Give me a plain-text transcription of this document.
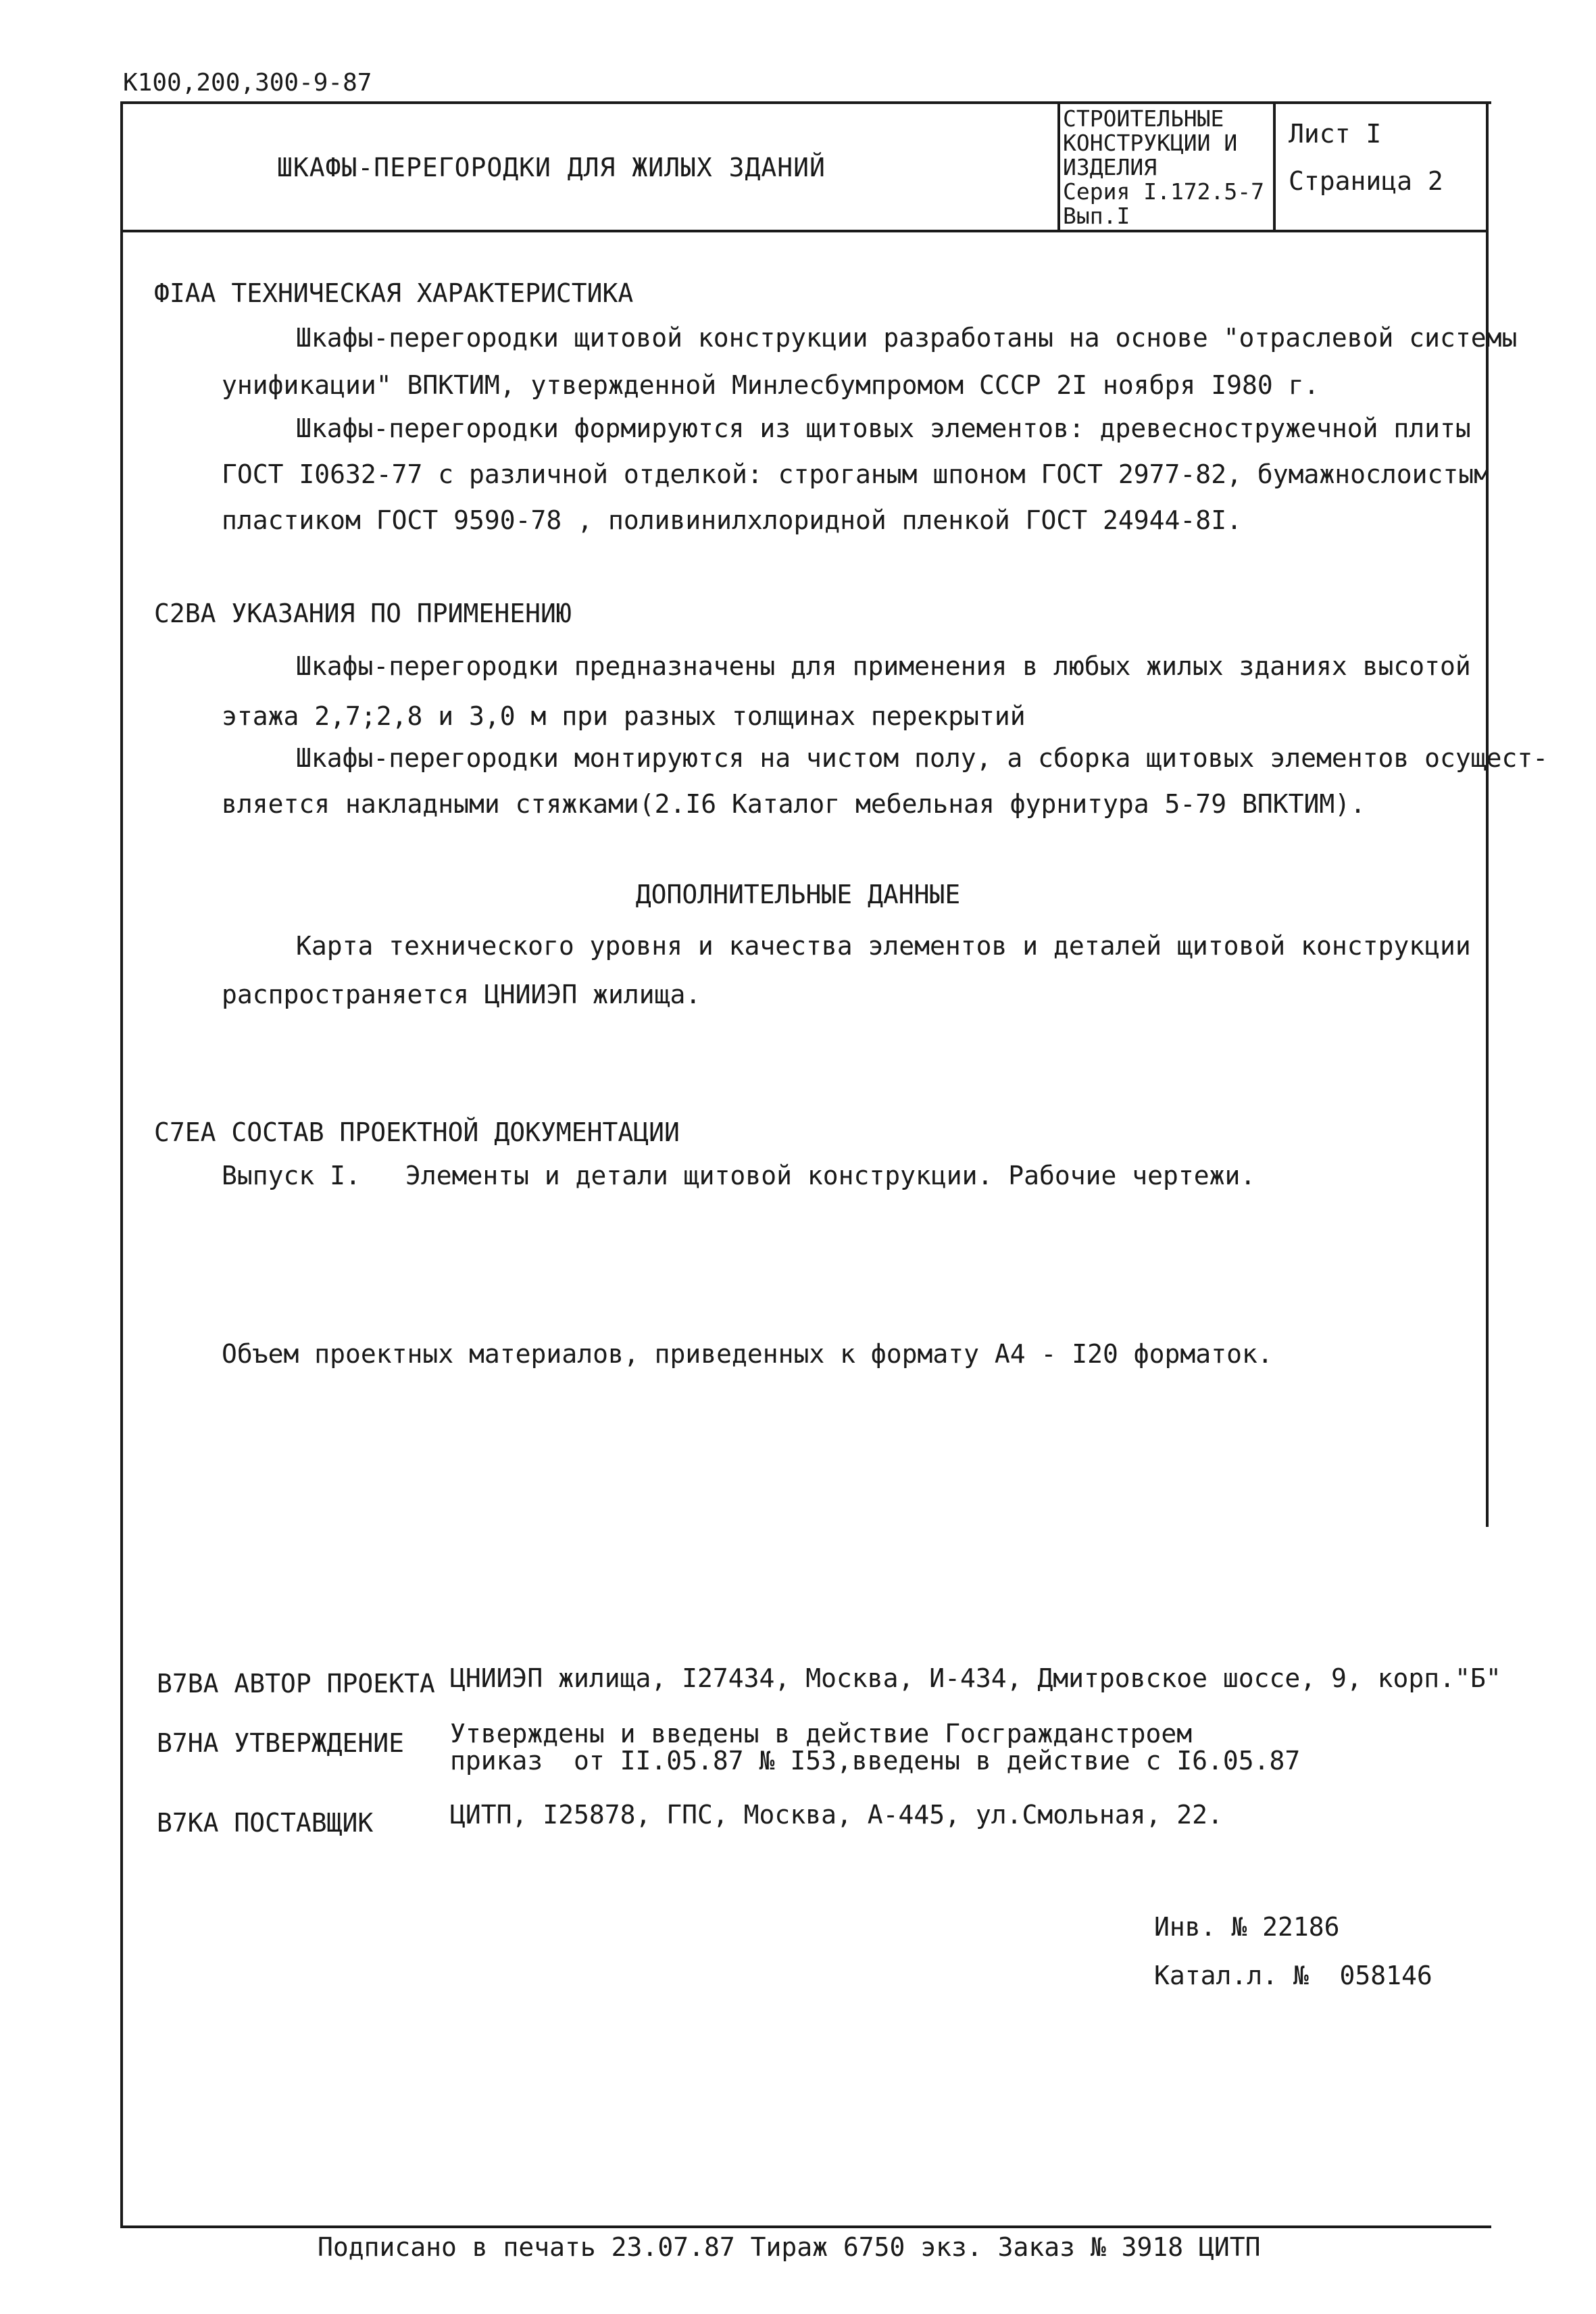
К100,200,300-9-87
ШКАФЫ-ПЕРЕГОРОДКИ ДЛЯ ЖИЛЫХ ЗДАНИЙ
СТРОИТЕЛЬНЫЕ
КОНСТРУКЦИИ И
ИЗДЕЛИЯ
Серия I.172.5-7
Вып.I
Лист I
Страница 2
ФIАА ТЕХНИЧЕСКАЯ ХАРАКТЕРИСТИКА
Шкафы-перегородки щитовой конструкции разработаны на основе "отраслевой системы
унификации" ВПКТИМ, утвержденной Минлесбумпромом СССР 2I ноября I980 г.
Шкафы-перегородки формируются из щитовых элементов: древесностружечной плиты
ГОСТ I0632-77 с различной отделкой: строганым шпоном ГОСТ 2977-82, бумажнослоистым
пластиком ГОСТ 9590-78 , поливинилхлоридной пленкой ГОСТ 24944-8I.
С2ВА УКАЗАНИЯ ПО ПРИМЕНЕНИЮ
Шкафы-перегородки предназначены для применения в любых жилых зданиях высотой
этажа 2,7;2,8 и 3,0 м при разных толщинах перекрытий
Шкафы-перегородки монтируются на чистом полу, а сборка щитовых элементов осущест-
вляется накладными стяжками(2.I6 Каталог мебельная фурнитура 5-79 ВПКТИМ).
ДОПОЛНИТЕЛЬНЫЕ ДАННЫЕ
Карта технического уровня и качества элементов и деталей щитовой конструкции
распространяется ЦНИИЭП жилища.
С7ЕА СОСТАВ ПРОЕКТНОЙ ДОКУМЕНТАЦИИ
Выпуск I. Элементы и детали щитовой конструкции. Рабочие чертежи.
Объем проектных материалов, приведенных к формату А4 - I20 форматок.
В7ВА АВТОР ПРОЕКТА ЦНИИЭП жилища, I27434, Москва, И-434, Дмитровское шоссе, 9, корп."Б"
В7НА УТВЕРЖДЕНИЕ Утверждены и введены в действие Госгражданстроем
приказ  от II.05.87 № I53,введены в действие с I6.05.87
В7КА ПОСТАВЩИК	ЦИТП, I25878, ГПС, Москва, А-445, ул.Смольная, 22.
Инв. № 22186
Катал.л. №  058146
Подписано в печать 23.07.87 Тираж 6750 экз. Заказ № 3918 ЦИТП
